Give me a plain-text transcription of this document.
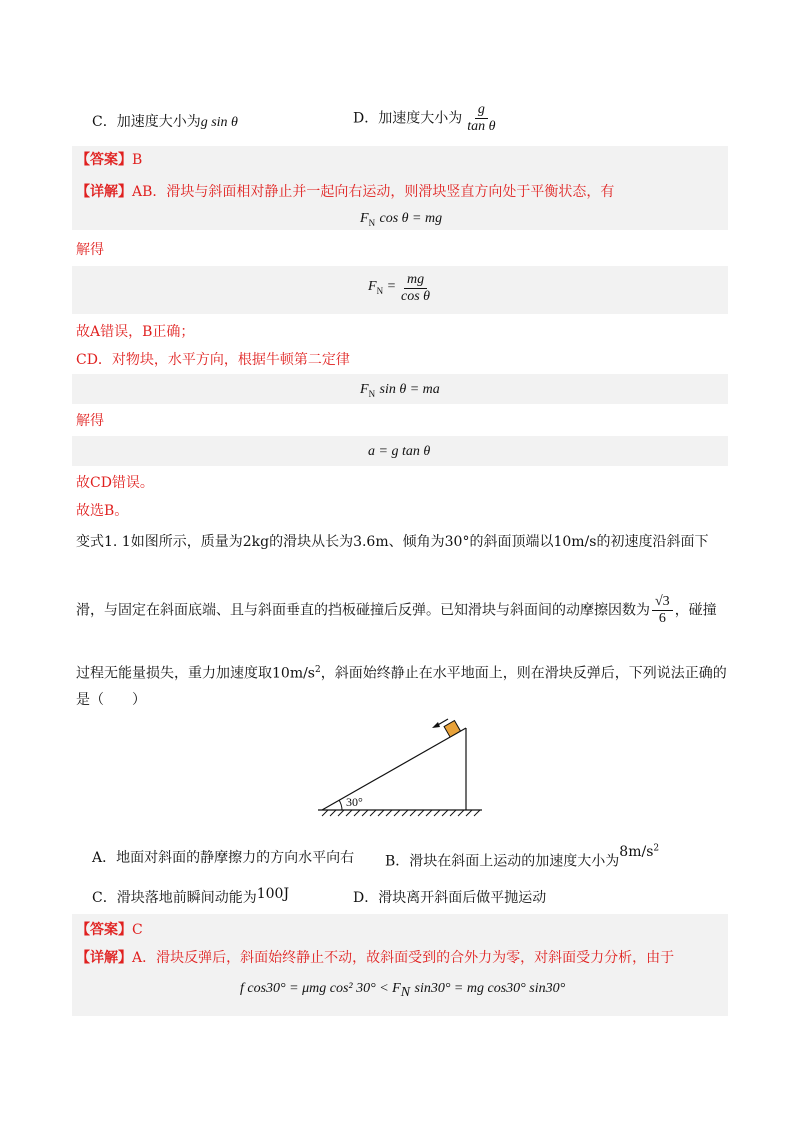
C．加速度大小为g sin θ	D．加速度大小为 $\frac{g}{\text{tan θ}}$
【答案】B
【详解】AB．滑块与斜面相对静止并一起向右运动，则滑块竖直方向处于平衡状态，有
$F_N$ cos θ = mg
解得
$F_N = \frac{mg}{\text{cos θ}}$
故A错误，B正确；
CD．对物块，水平方向，根据牛顿第二定律
$F_N$ sin θ = ma
解得
a = g tan θ
故CD错误。
故选B。
变式1. 1如图所示，质量为2kg的滑块从长为3.6m、倾角为30°的斜面顶端以10m/s的初速度沿斜面下
滑，与固定在斜面底端、且与斜面垂直的挡板碰撞后反弹。已知滑块与斜面间的动摩擦因数为 $\frac{√3}{6}$ ，碰撞
过程无能量损失，重力加速度取$10m/s^2$，斜面始终静止在水平地面上，则在滑块反弹后，下列说法正确的
是（　　）
30°
A．地面对斜面的静摩擦力的方向水平向右 B．滑块在斜面上运动的加速度大小为$8m/s^2$
C．滑块落地前瞬间动能为100J	D．滑块离开斜面后做平抛运动
【答案】C
【详解】A．滑块反弹后，斜面始终静止不动，故斜面受到的合外力为零，对斜面受力分析，由于
f cos30° = μmg cos² $30^\circ < F_N$ sin30° = mg cos30° sin30°
